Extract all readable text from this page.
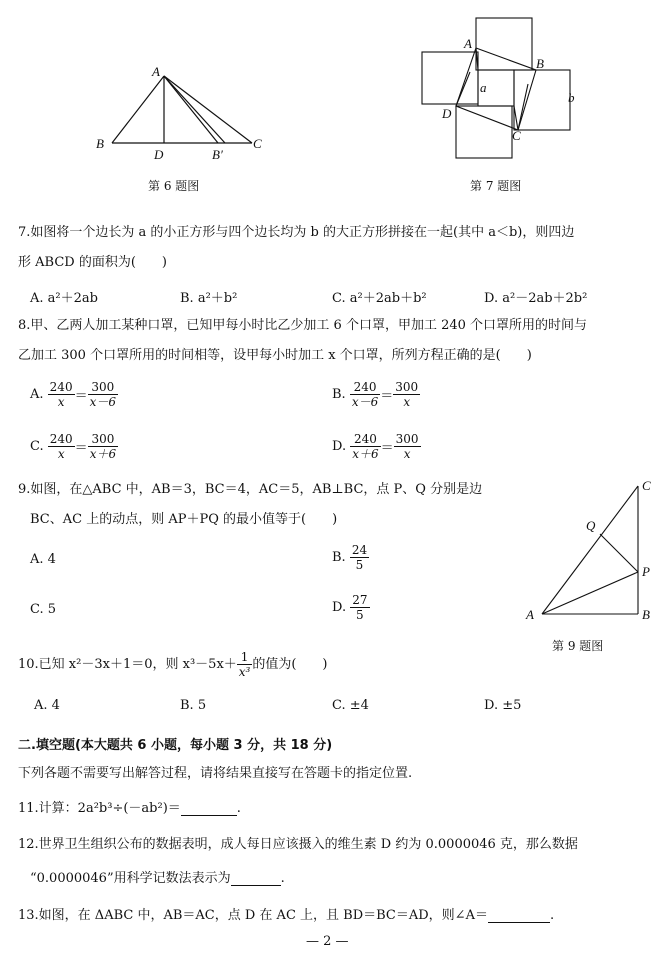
A
B
D	B′
C
第 6 题图
A
B
C
D
a
b
第 7 题图
7.如图将一个边长为 a 的小正方形与四个边长均为 b 的大正方形拼接在一起(其中 a＜b)，则四边
形 ABCD 的面积为(　　)
A. a²＋2ab	B. a²＋b²	C. a²＋2ab＋b²	D. a²－2ab＋2b²
8.甲、乙两人加工某种口罩，已知甲每小时比乙少加工 6 个口罩，甲加工 240 个口罩所用的时间与
乙加工 300 个口罩所用的时间相等，设甲每小时加工 x 个口罩，所列方程正确的是(　　)
A. $\frac{240}{x} = \frac{300}{x-6}$	B. $\frac{240}{x-6} = \frac{300}{x}$
C. $\frac{240}{x} = \frac{300}{x+6}$	D. $\frac{240}{x+6} = \frac{300}{x}$
9.如图，在△ABC 中，AB＝3，BC＝4，AC＝5，AB⊥BC，点 P、Q 分别是边
BC、AC 上的动点，则 AP＋PQ 的最小值等于(　　)
A. 4	B. $\frac{24}{5}$
C. 5	D. $\frac{27}{5}$	A	B
C
P
Q
第 9 题图
10.已知 x²－3x＋1＝0，则 $x^3-5x+ \frac{1}{\text{x³}}$ 的值为(　　)
A. 4	B. 5	C. ±4	D. ±5
二.填空题(本大题共 6 小题，每小题 3 分，共 18 分)
下列各题不需要写出解答过程，请将结果直接写在答题卡的指定位置.
11.计算：2a²b³÷(－ab²)＝	.
12.世界卫生组织公布的数据表明，成人每日应该摄入的维生素 D 约为 0.0000046 克，那么数据
“0.0000046”用科学记数法表示为	.
13.如图，在 ΔABC 中，AB＝AC，点 D 在 AC 上，且 BD＝BC＝AD，则∠A＝	.
— 2 —
